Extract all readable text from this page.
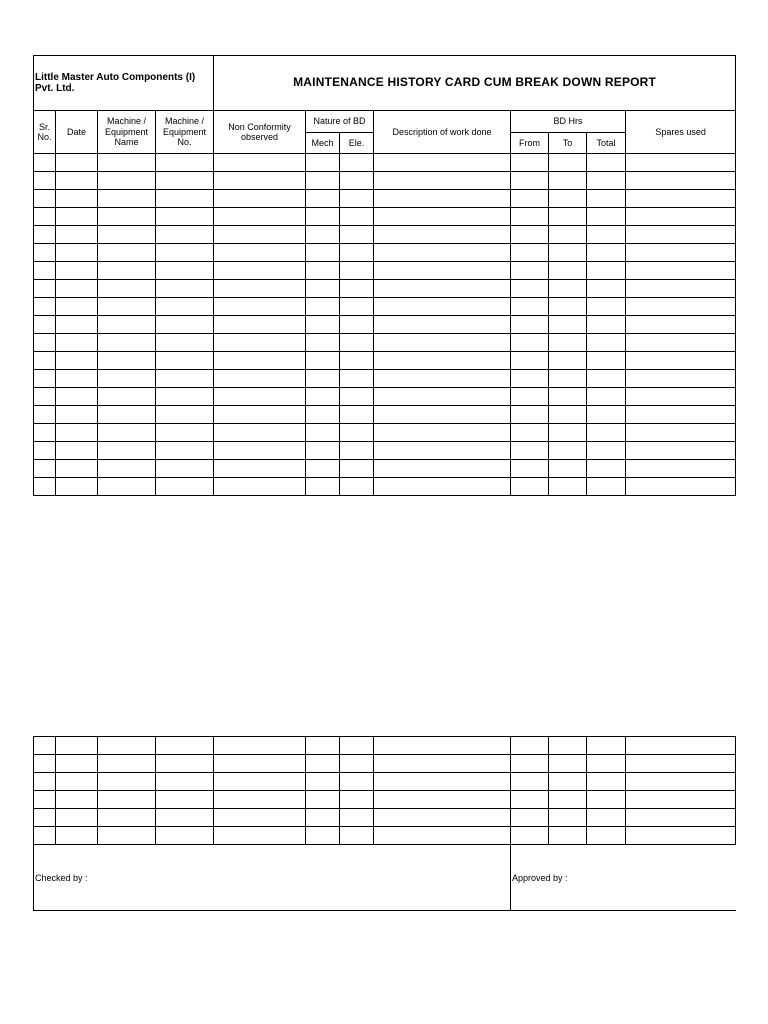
Little Master Auto Components (I) Pvt. Ltd.				MAINTENANCE HISTORY CARD CUM BREAK DOWN REPORT							
Sr. No.	Date	Machine / Equipment Name	Machine / Equipment No.	Non Conformity observed	Nature of BD		Description of work done	BD Hrs			Spares used
					Mech	Ele.		From	To	Total	

Checked by :	Approved by :
